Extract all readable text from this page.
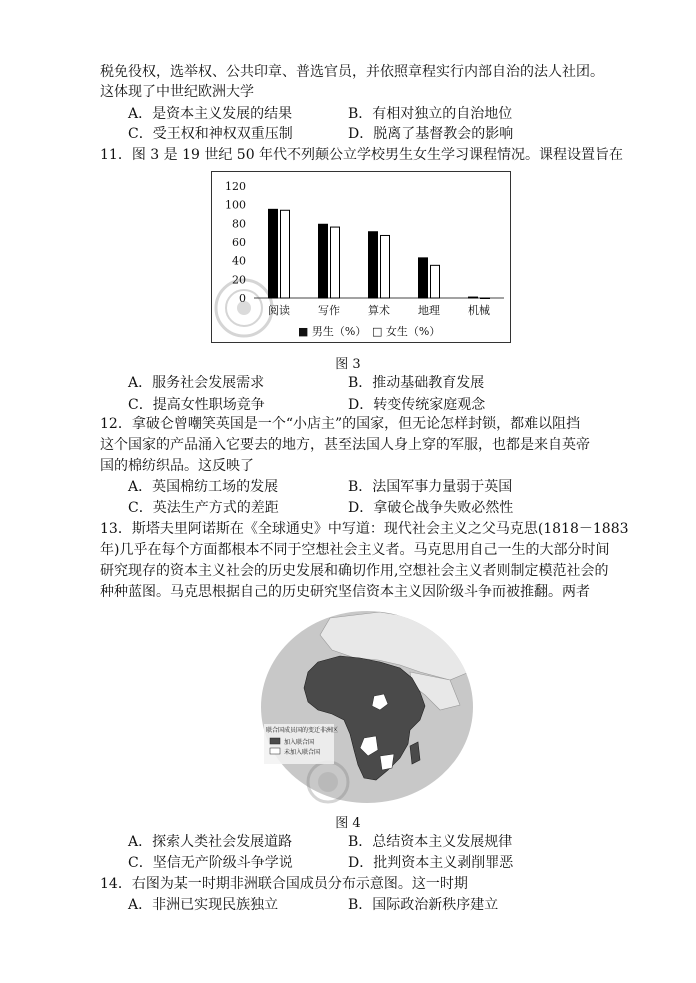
税免役权，选举权、公共印章、普选官员，并依照章程实行内部自治的法人社团。
这体现了中世纪欧洲大学
A．是资本主义发展的结果	B．有相对独立的自治地位
C．受王权和神权双重压制	D．脱离了基督教会的影响
11．图 3 是 19 世纪 50 年代不列颠公立学校男生女生学习课程情况。课程设置旨在
120
100
80
60
40
20
0
阅读	写作	算术	地理	机械
■ 男生（%） □ 女生（%）
图 3
A．服务社会发展需求	B．推动基础教育发展
C．提高女性职场竞争	D．转变传统家庭观念
12．拿破仑曾嘲笑英国是一个“小店主”的国家，但无论怎样封锁，都难以阻挡
这个国家的产品涌入它要去的地方，甚至法国人身上穿的军服，也都是来自英帝
国的棉纺织品。这反映了
A．英国棉纺工场的发展	B．法国军事力量弱于英国
C．英法生产方式的差距	D．拿破仑战争失败必然性
13．斯塔夫里阿诺斯在《全球通史》中写道：现代社会主义之父马克思(1818－1883
年)几乎在每个方面都根本不同于空想社会主义者。马克思用自己一生的大部分时间
研究现存的资本主义社会的历史发展和确切作用,空想社会主义者则制定模范社会的
种种蓝图。马克思根据自己的历史研究坚信资本主义因阶级斗争而被推翻。两者
联合国成员国的变迁非洲区
加入联合国
未加入联合国
图 4
A．探索人类社会发展道路	B．总结资本主义发展规律
C．坚信无产阶级斗争学说	D．批判资本主义剥削罪恶
14．右图为某一时期非洲联合国成员分布示意图。这一时期
A．非洲已实现民族独立	B．国际政治新秩序建立
